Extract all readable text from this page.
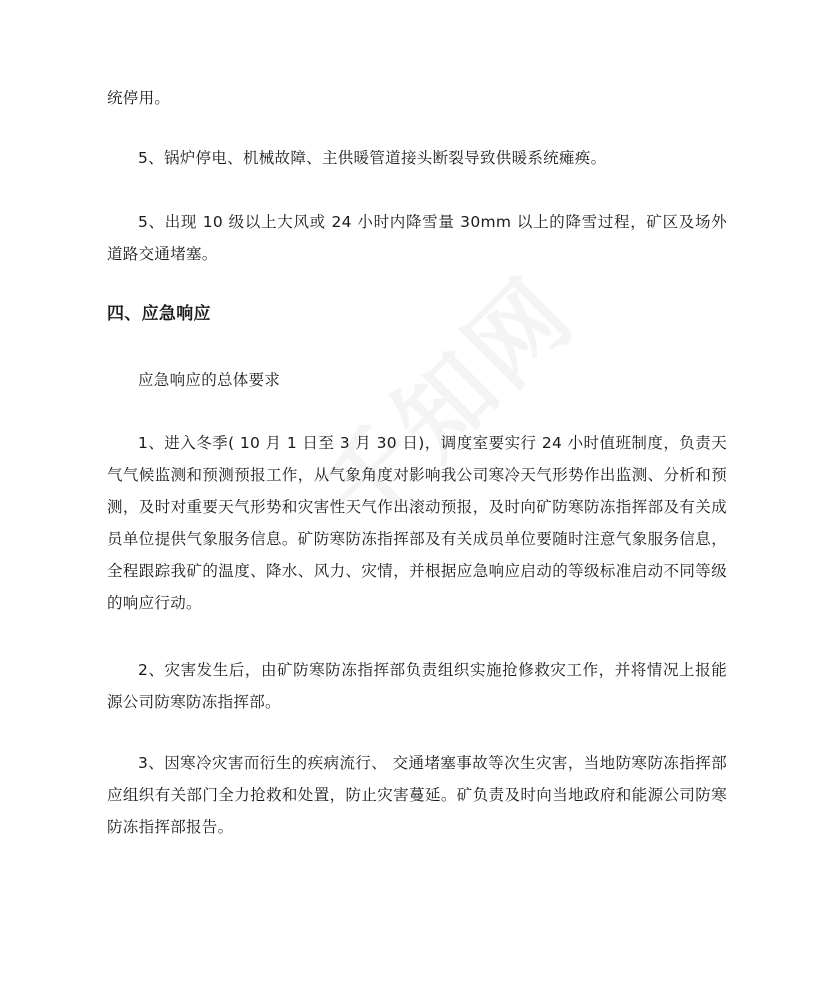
统停用。

5、锅炉停电、机械故障、主供暖管道接头断裂导致供暖系统瘫痪。

5、出现 10 级以上大风或 24 小时内降雪量 30mm 以上的降雪过程，矿区及场外道路交通堵塞。

四、应急响应

应急响应的总体要求

1、进入冬季( 10 月 1 日至 3 月 30 日)，调度室要实行 24 小时值班制度，负责天气气候监测和预测预报工作，从气象角度对影响我公司寒冷天气形势作出监测、分析和预测，及时对重要天气形势和灾害性天气作出滚动预报，及时向矿防寒防冻指挥部及有关成员单位提供气象服务信息。矿防寒防冻指挥部及有关成员单位要随时注意气象服务信息，全程跟踪我矿的温度、降水、风力、灾情，并根据应急响应启动的等级标准启动不同等级的响应行动。

2、灾害发生后，由矿防寒防冻指挥部负责组织实施抢修救灾工作，并将情况上报能源公司防寒防冻指挥部。

3、因寒冷灾害而衍生的疾病流行、 交通堵塞事故等次生灾害，当地防寒防冻指挥部应组织有关部门全力抢救和处置，防止灾害蔓延。矿负责及时向当地政府和能源公司防寒防冻指挥部报告。
